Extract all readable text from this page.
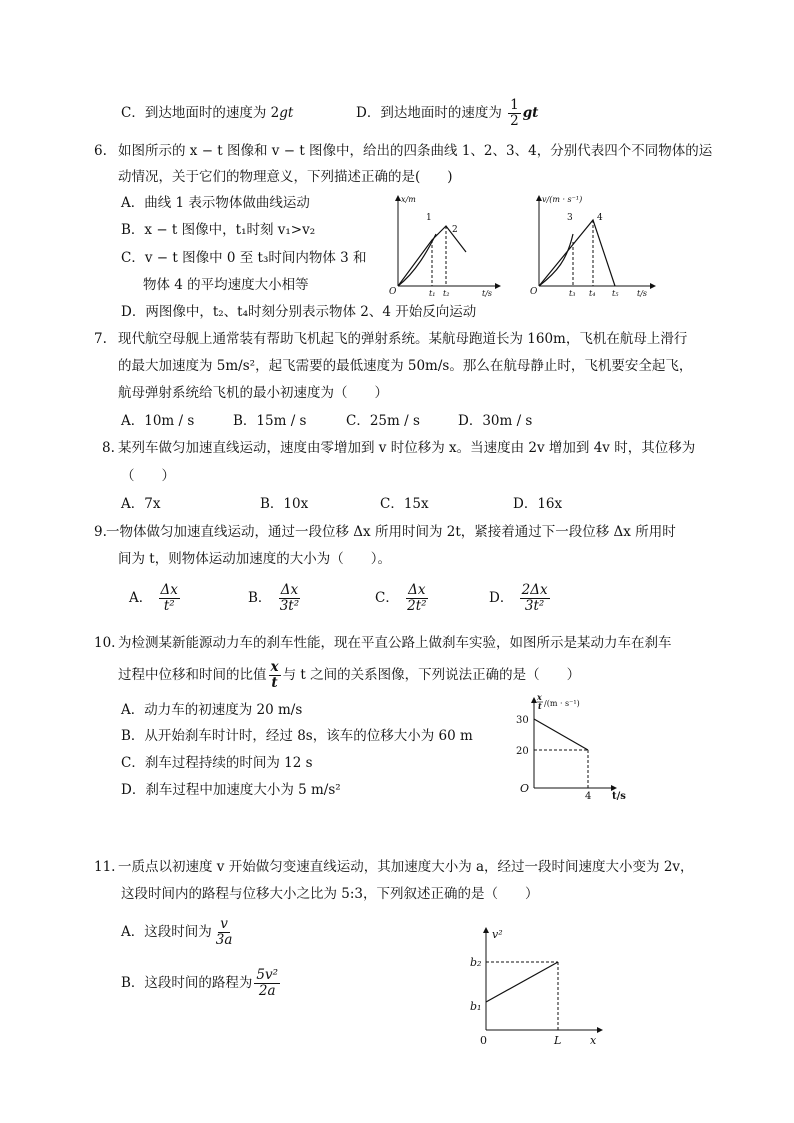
C．到达地面时的速度为 2gt	D．到达地面时的速度为 $\frac{1}{2}$ gt
6. 如图所示的 x − t 图像和 v − t 图像中，给出的四条曲线 1、2、3、4，分别代表四个不同物体的运
动情况，关于它们的物理意义，下列描述正确的是(　　)
A．曲线 1 表示物体做曲线运动
B．x − t 图像中，t₁时刻 v₁>v₂
C．v − t 图像中 0 至 t₃时间内物体 3 和
物体 4 的平均速度大小相等
D．两图像中，t₂、t₄时刻分别表示物体 2、4 开始反向运动
x/m
O	t₁ t₂	t/s
1
2
v/(m · s⁻¹)
O	t₃ t₄ t₅ t/s
3	4
7. 现代航空母舰上通常装有帮助飞机起飞的弹射系统。某航母跑道长为 160m，飞机在航母上滑行
的最大加速度为 5m/s²，起飞需要的最低速度为 50m/s。那么在航母静止时，飞机要安全起飞，
航母弹射系统给飞机的最小初速度为（　　）
A．10m / s	B．15m / s	C．25m / s	D．30m / s
8. 某列车做匀加速直线运动，速度由零增加到 v 时位移为 x。当速度由 2v 增加到 4v 时，其位移为
（　　）
A．7x	B．10x	C．15x	D．16x
9. 一物体做匀加速直线运动，通过一段位移 Δx 所用时间为 2t，紧接着通过下一段位移 Δx 所用时
间为 t，则物体运动加速度的大小为（　　）。
A． $\frac{\Delta x}{\text{t²}}$	B． $\frac{\Delta x}{\text{3t²}}$	C． $\frac{\Delta x}{\text{2t²}}$	D． $\frac{2\Delta x}{\text{3t²}}$
10. 为检测某新能源动力车的刹车性能，现在平直公路上做刹车实验，如图所示是某动力车在刹车
过程中位移和时间的比值 $\frac{x}{t}$ 与 t 之间的关系图像，下列说法正确的是（　　）
A．动力车的初速度为 20 m/s
B．从开始刹车时计时，经过 8s，该车的位移大小为 60 m
C．刹车过程持续的时间为 12 s
D．刹车过程中加速度大小为 5 m/s²
x
t /(m · s⁻¹)
30
20
O
4 t/s
11. 一质点以初速度 v 开始做匀变速直线运动，其加速度大小为 a，经过一段时间速度大小变为 2v，
这段时间内的路程与位移大小之比为 5:3，下列叙述正确的是（　　）
A．这段时间为 $\frac{v}{3a}$
B．这段时间的路程为 $\frac{\text{5v²}}{2a}$
v²
b₂
b₁
0	L	x
